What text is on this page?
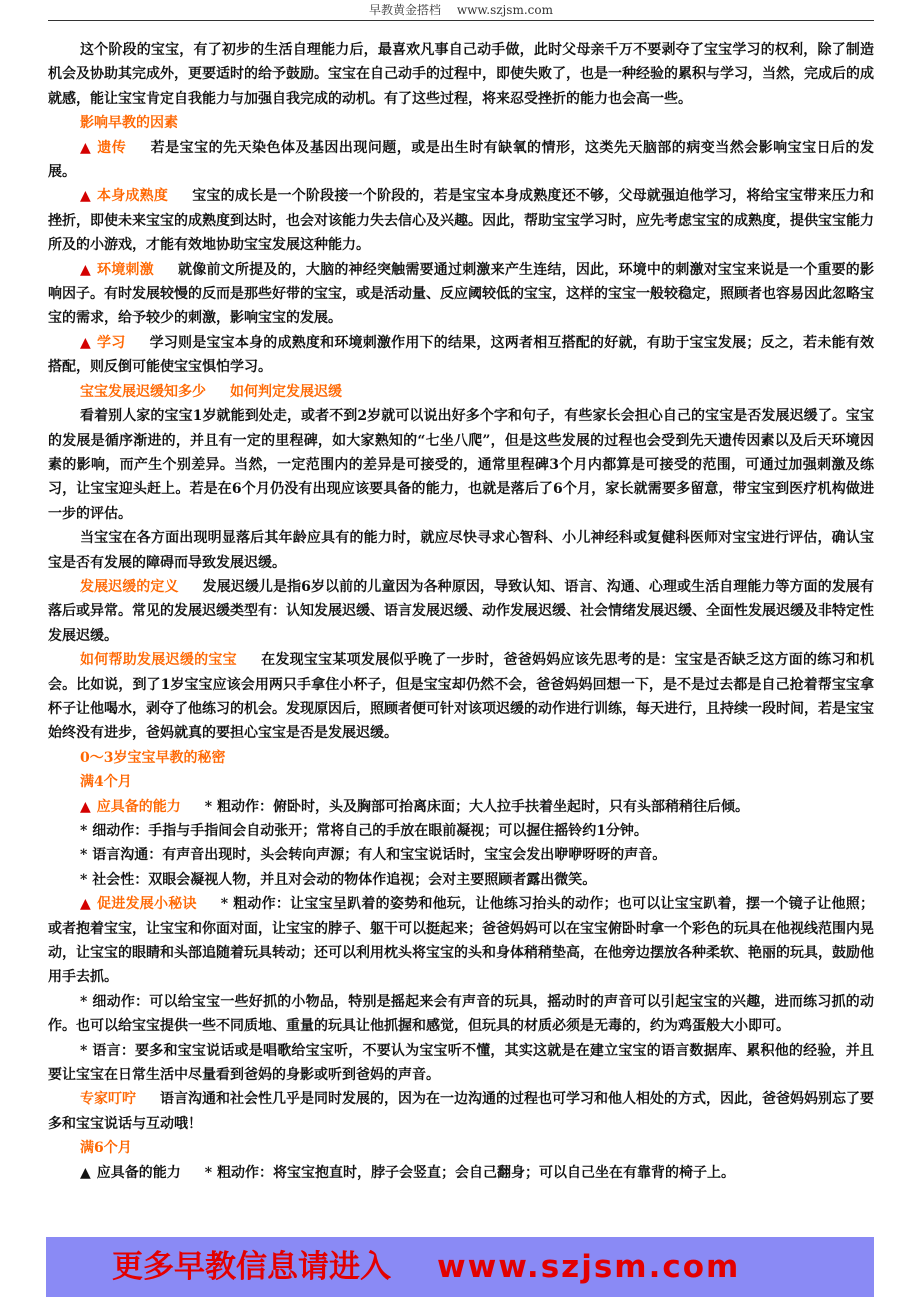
早教黄金搭档 www.szjsm.com

这个阶段的宝宝，有了初步的生活自理能力后，最喜欢凡事自己动手做，此时父母亲千万不要剥夺了宝宝学习的权利，除了制造机会及协助其完成外，更要适时的给予鼓励。宝宝在自己动手的过程中，即使失败了，也是一种经验的累积与学习，当然，完成后的成就感，能让宝宝肯定自我能力与加强自我完成的动机。有了这些过程，将来忍受挫折的能力也会高一些。

影响早教的因素

▲ 遗传 若是宝宝的先天染色体及基因出现问题，或是出生时有缺氧的情形，这类先天脑部的病变当然会影响宝宝日后的发展。

▲ 本身成熟度 宝宝的成长是一个阶段接一个阶段的，若是宝宝本身成熟度还不够，父母就强迫他学习，将给宝宝带来压力和挫折，即使未来宝宝的成熟度到达时，也会对该能力失去信心及兴趣。因此，帮助宝宝学习时，应先考虑宝宝的成熟度，提供宝宝能力所及的小游戏，才能有效地协助宝宝发展这种能力。

▲ 环境刺激 就像前文所提及的，大脑的神经突触需要通过刺激来产生连结，因此，环境中的刺激对宝宝来说是一个重要的影响因子。有时发展较慢的反而是那些好带的宝宝，或是活动量、反应阈较低的宝宝，这样的宝宝一般较稳定，照顾者也容易因此忽略宝宝的需求，给予较少的刺激，影响宝宝的发展。

▲ 学习 学习则是宝宝本身的成熟度和环境刺激作用下的结果，这两者相互搭配的好就，有助于宝宝发展；反之，若未能有效搭配，则反倒可能使宝宝惧怕学习。

宝宝发展迟缓知多少 如何判定发展迟缓

看着别人家的宝宝1岁就能到处走，或者不到2岁就可以说出好多个字和句子，有些家长会担心自己的宝宝是否发展迟缓了。宝宝的发展是循序渐进的，并且有一定的里程碑，如大家熟知的“七坐八爬”，但是这些发展的过程也会受到先天遗传因素以及后天环境因素的影响，而产生个别差异。当然，一定范围内的差异是可接受的，通常里程碑3个月内都算是可接受的范围，可通过加强刺激及练习，让宝宝迎头赶上。若是在6个月仍没有出现应该要具备的能力，也就是落后了6个月，家长就需要多留意，带宝宝到医疗机构做进一步的评估。

当宝宝在各方面出现明显落后其年龄应具有的能力时，就应尽快寻求心智科、小儿神经科或复健科医师对宝宝进行评估，确认宝宝是否有发展的障碍而导致发展迟缓。

发展迟缓的定义 发展迟缓儿是指6岁以前的儿童因为各种原因，导致认知、语言、沟通、心理或生活自理能力等方面的发展有落后或异常。常见的发展迟缓类型有：认知发展迟缓、语言发展迟缓、动作发展迟缓、社会情绪发展迟缓、全面性发展迟缓及非特定性发展迟缓。

如何帮助发展迟缓的宝宝 在发现宝宝某项发展似乎晚了一步时，爸爸妈妈应该先思考的是：宝宝是否缺乏这方面的练习和机会。比如说，到了1岁宝宝应该会用两只手拿住小杯子，但是宝宝却仍然不会，爸爸妈妈回想一下，是不是过去都是自己抢着帮宝宝拿杯子让他喝水，剥夺了他练习的机会。发现原因后，照顾者便可针对该项迟缓的动作进行训练，每天进行，且持续一段时间，若是宝宝始终没有进步，爸妈就真的要担心宝宝是否是发展迟缓。

0～3岁宝宝早教的秘密

满4个月

▲ 应具备的能力 * 粗动作：俯卧时，头及胸部可抬离床面；大人拉手扶着坐起时，只有头部稍稍往后倾。

* 细动作：手指与手指间会自动张开；常将自己的手放在眼前凝视；可以握住摇铃约1分钟。

* 语言沟通：有声音出现时，头会转向声源；有人和宝宝说话时，宝宝会发出咿咿呀呀的声音。

* 社会性：双眼会凝视人物，并且对会动的物体作追视；会对主要照顾者露出微笑。

▲ 促进发展小秘诀 * 粗动作：让宝宝呈趴着的姿势和他玩，让他练习抬头的动作；也可以让宝宝趴着，摆一个镜子让他照；或者抱着宝宝，让宝宝和你面对面，让宝宝的脖子、躯干可以挺起来；爸爸妈妈可以在宝宝俯卧时拿一个彩色的玩具在他视线范围内晃动，让宝宝的眼睛和头部追随着玩具转动；还可以利用枕头将宝宝的头和身体稍稍垫高，在他旁边摆放各种柔软、艳丽的玩具，鼓励他用手去抓。

* 细动作：可以给宝宝一些好抓的小物品，特别是摇起来会有声音的玩具，摇动时的声音可以引起宝宝的兴趣，进而练习抓的动作。也可以给宝宝提供一些不同质地、重量的玩具让他抓握和感觉，但玩具的材质必须是无毒的，约为鸡蛋般大小即可。

* 语言：要多和宝宝说话或是唱歌给宝宝听，不要认为宝宝听不懂，其实这就是在建立宝宝的语言数据库、累积他的经验，并且要让宝宝在日常生活中尽量看到爸妈的身影或听到爸妈的声音。

专家叮咛 语言沟通和社会性几乎是同时发展的，因为在一边沟通的过程也可学习和他人相处的方式，因此，爸爸妈妈别忘了要多和宝宝说话与互动哦！

满6个月

▲ 应具备的能力 * 粗动作：将宝宝抱直时，脖子会竖直；会自己翻身；可以自己坐在有靠背的椅子上。

更多早教信息请进入 www.szjsm.com
